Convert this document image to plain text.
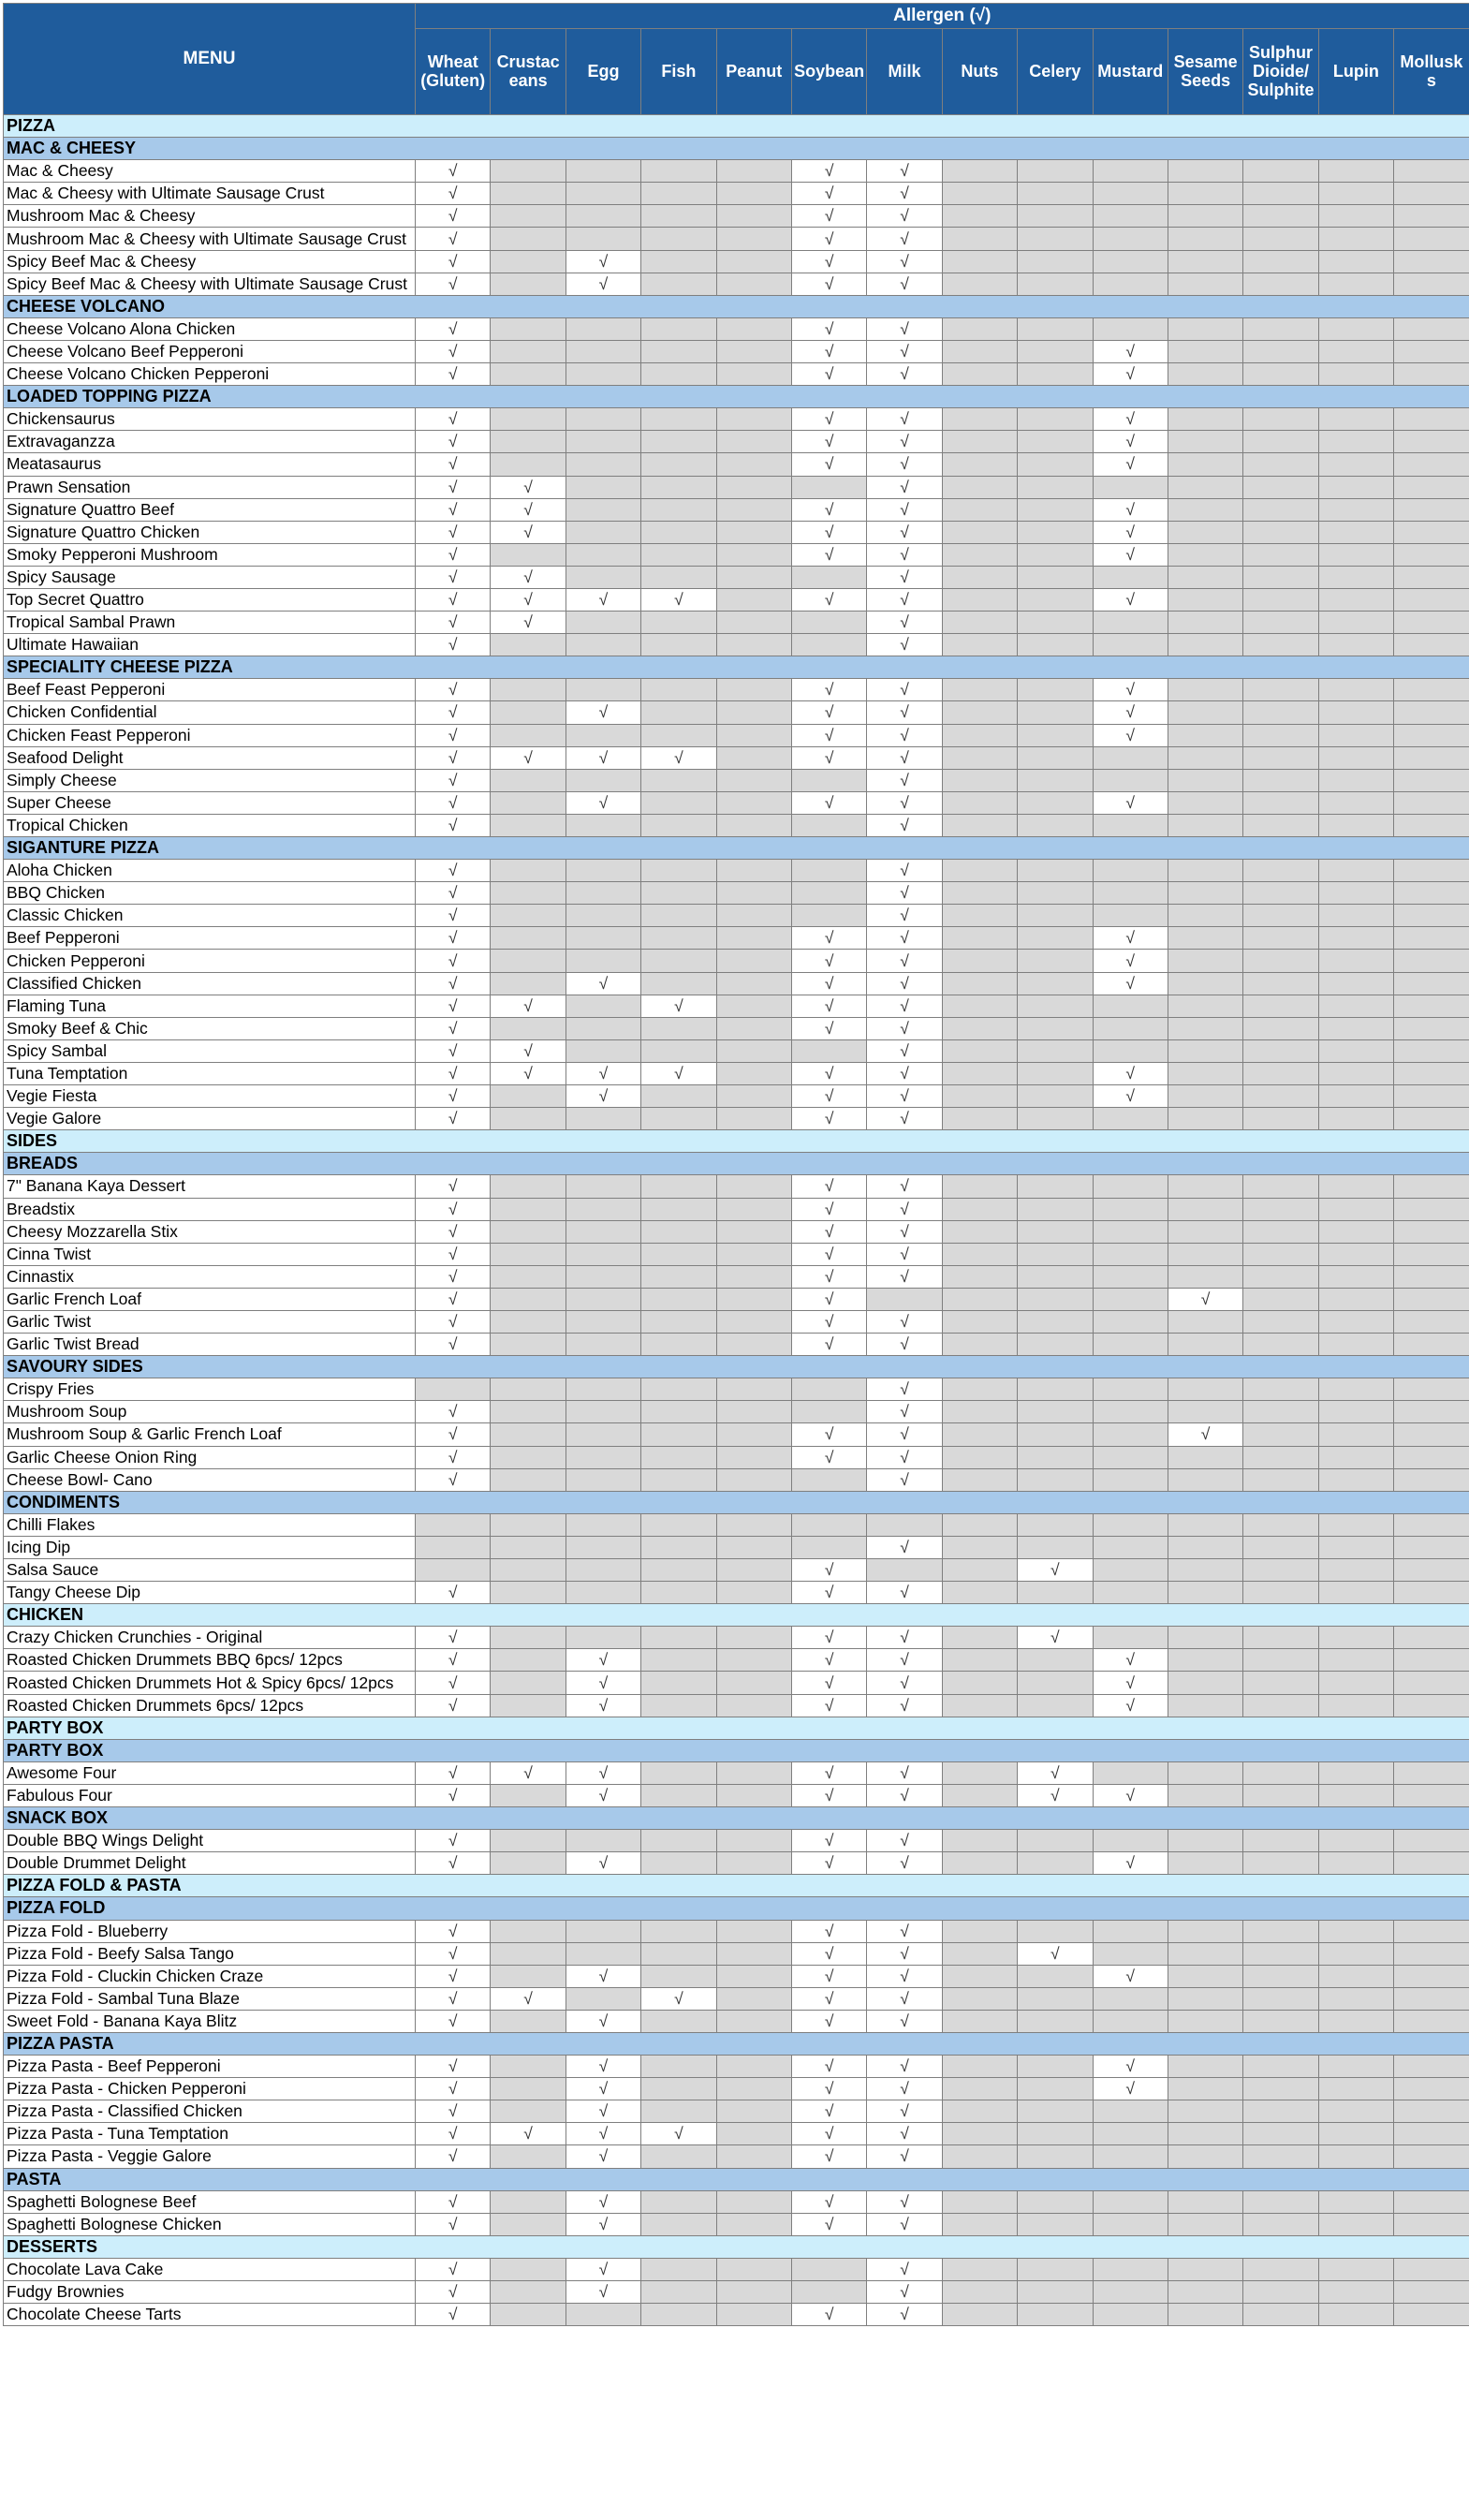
MENU	Allergen (√)													
	Wheat (Gluten)	Crustac eans	Egg	Fish	Peanut	Soybean	Milk	Nuts	Celery	Mustard	Sesame Seeds	Sulphur Dioide/ Sulphite	Lupin	Mollusk s
PIZZA														
MAC & CHEESY														
Mac & Cheesy	√					√	√							
Mac & Cheesy with Ultimate Sausage Crust	√					√	√							
Mushroom Mac & Cheesy	√					√	√							
Mushroom Mac & Cheesy with Ultimate Sausage Crust	√					√	√							
Spicy Beef Mac & Cheesy	√		√			√	√							
Spicy Beef Mac & Cheesy with Ultimate Sausage Crust	√		√			√	√							
CHEESE VOLCANO														
Cheese Volcano Alona Chicken	√					√	√							
Cheese Volcano Beef Pepperoni	√					√	√			√				
Cheese Volcano Chicken Pepperoni	√					√	√			√				
LOADED TOPPING PIZZA														
Chickensaurus	√					√	√			√				
Extravaganzza	√					√	√			√				
Meatasaurus	√					√	√			√				
Prawn Sensation	√	√					√							
Signature Quattro Beef	√	√				√	√			√				
Signature Quattro Chicken	√	√				√	√			√				
Smoky Pepperoni Mushroom	√					√	√			√				
Spicy Sausage	√	√					√							
Top Secret Quattro	√	√	√	√		√	√			√				
Tropical Sambal Prawn	√	√					√							
Ultimate Hawaiian	√						√							
SPECIALITY CHEESE PIZZA														
Beef Feast Pepperoni	√					√	√			√				
Chicken Confidential	√		√			√	√			√				
Chicken Feast Pepperoni	√					√	√			√				
Seafood Delight	√	√	√	√		√	√							
Simply Cheese	√						√							
Super Cheese	√		√			√	√			√				
Tropical Chicken	√						√							
SIGANTURE PIZZA														
Aloha Chicken	√						√							
BBQ Chicken	√						√							
Classic Chicken	√						√							
Beef Pepperoni	√					√	√			√				
Chicken Pepperoni	√					√	√			√				
Classified Chicken	√		√			√	√			√				
Flaming Tuna	√	√		√		√	√							
Smoky Beef & Chic	√					√	√							
Spicy Sambal	√	√					√							
Tuna Temptation	√	√	√	√		√	√			√				
Vegie Fiesta	√		√			√	√			√				
Vegie Galore	√					√	√							
SIDES														
BREADS														
7" Banana Kaya Dessert	√					√	√							
Breadstix	√					√	√							
Cheesy Mozzarella Stix	√					√	√							
Cinna Twist	√					√	√							
Cinnastix	√					√	√							
Garlic French Loaf	√					√					√			
Garlic Twist	√					√	√							
Garlic Twist Bread	√					√	√							
SAVOURY SIDES														
Crispy Fries							√							
Mushroom Soup	√						√							
Mushroom Soup & Garlic French Loaf	√					√	√				√			
Garlic Cheese Onion Ring	√					√	√							
Cheese Bowl- Cano	√						√							
CONDIMENTS														
Chilli Flakes														
Icing Dip							√							
Salsa Sauce						√			√					
Tangy Cheese Dip	√					√	√							
CHICKEN														
Crazy Chicken Crunchies - Original	√					√	√		√					
Roasted Chicken Drummets BBQ 6pcs/ 12pcs	√		√			√	√			√				
Roasted Chicken Drummets Hot & Spicy 6pcs/ 12pcs	√		√			√	√			√				
Roasted Chicken Drummets 6pcs/ 12pcs	√		√			√	√			√				
PARTY BOX														
PARTY BOX														
Awesome Four	√	√	√			√	√		√					
Fabulous Four	√		√			√	√		√	√				
SNACK BOX														
Double BBQ Wings Delight	√					√	√							
Double Drummet Delight	√		√			√	√			√				
PIZZA FOLD & PASTA														
PIZZA FOLD														
Pizza Fold - Blueberry	√					√	√							
Pizza Fold - Beefy Salsa Tango	√					√	√		√					
Pizza Fold - Cluckin Chicken Craze	√		√			√	√			√				
Pizza Fold - Sambal Tuna Blaze	√	√		√		√	√							
Sweet Fold - Banana Kaya Blitz	√		√			√	√							
PIZZA PASTA														
Pizza Pasta - Beef Pepperoni	√		√			√	√			√				
Pizza Pasta - Chicken Pepperoni	√		√			√	√			√				
Pizza Pasta - Classified Chicken	√		√			√	√							
Pizza Pasta - Tuna Temptation	√	√	√	√		√	√							
Pizza Pasta - Veggie Galore	√		√			√	√							
PASTA														
Spaghetti Bolognese Beef	√		√			√	√							
Spaghetti Bolognese Chicken	√		√			√	√							
DESSERTS														
Chocolate Lava Cake	√		√				√							
Fudgy Brownies	√		√				√							
Chocolate Cheese Tarts	√					√	√							
